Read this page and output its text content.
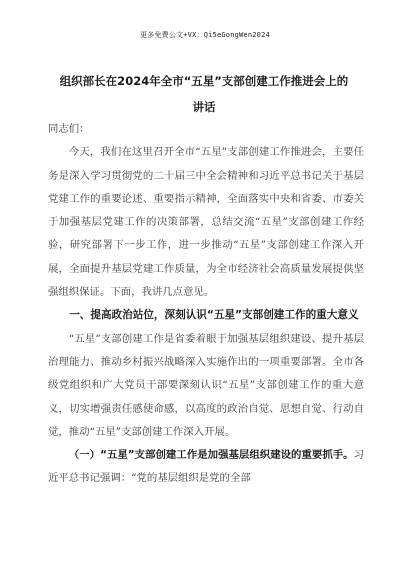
更多免费公文+VX：Qi5eGongWen2024
组织部长在2024年全市“五星”支部创建工作推进会上的
讲话

同志们：

今天，我们在这里召开全市“五星”支部创建工作推进会，主要任务是深入学习贯彻党的二十届三中全会精神和习近平总书记关于基层党建工作的重要论述、重要指示精神，全面落实中央和省委、市委关于加强基层党建工作的决策部署，总结交流“五星”支部创建工作经验，研究部署下一步工作，进一步推动“五星”支部创建工作深入开展，全面提升基层党建工作质量，为全市经济社会高质量发展提供坚强组织保证。下面，我讲几点意见。

一、提高政治站位，深刻认识“五星”支部创建工作的重大意义

“五星”支部创建工作是省委着眼于加强基层组织建设、提升基层治理能力、推动乡村振兴战略深入实施作出的一项重要部署。全市各级党组织和广大党员干部要深刻认识“五星”支部创建工作的重大意义，切实增强责任感使命感，以高度的政治自觉、思想自觉、行动自觉，推动“五星”支部创建工作深入开展。

（一）“五星”支部创建工作是加强基层组织建设的重要抓手。习近平总书记强调：“党的基层组织是党的全部
